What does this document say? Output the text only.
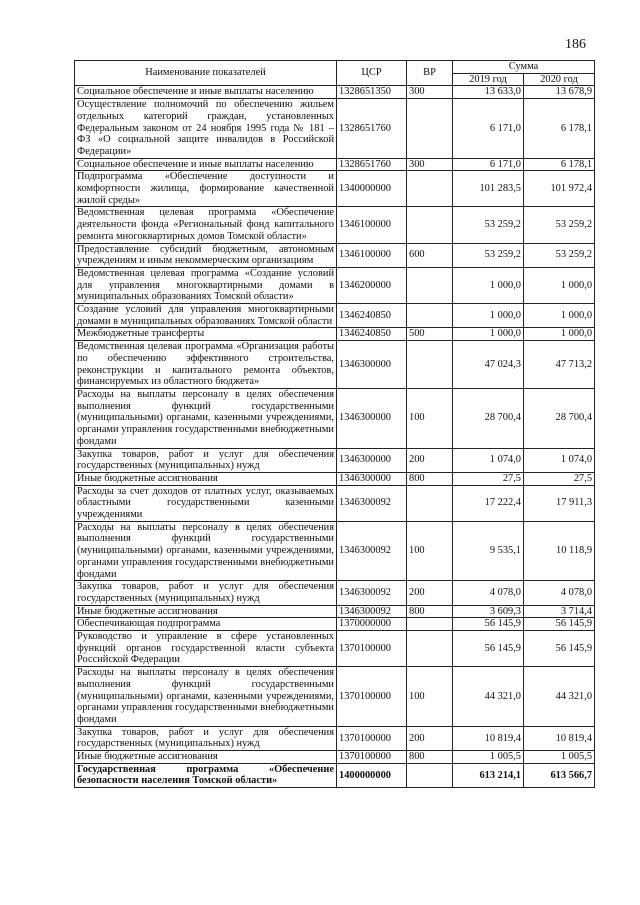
186
Наименование показателей	ЦСР	ВР	Сумма	
			2019 год	2020 год
Социальное обеспечение и иные выплаты населению	1328651350	300	13 633,0	13 678,9
Осуществление полномочий по обеспечению жильем отдельных категорий граждан, установленных Федеральным законом от 24 ноября 1995 года № 181 – ФЗ «О социальной защите инвалидов в Российской Федерации»	1328651760		6 171,0	6 178,1
Социальное обеспечение и иные выплаты населению	1328651760	300	6 171,0	6 178,1
Подпрограмма «Обеспечение доступности и комфортности жилища, формирование качественной жилой среды»	1340000000		101 283,5	101 972,4
Ведомственная целевая программа «Обеспечение деятельности фонда «Региональный фонд капитального ремонта многоквартирных домов Томской области»	1346100000		53 259,2	53 259,2
Предоставление субсидий бюджетным, автономным учреждениям и иным некоммерческим организациям	1346100000	600	53 259,2	53 259,2
Ведомственная целевая программа «Создание условий для управления многоквартирными домами в муниципальных образованиях Томской области»	1346200000		1 000,0	1 000,0
Создание условий для управления многоквартирными домами в муниципальных образованиях Томской области	1346240850		1 000,0	1 000,0
Межбюджетные трансферты	1346240850	500	1 000,0	1 000,0
Ведомственная целевая программа «Организация работы по обеспечению эффективного строительства, реконструкции и капитального ремонта объектов, финансируемых из областного бюджета»	1346300000		47 024,3	47 713,2
Расходы на выплаты персоналу в целях обеспечения выполнения функций государственными (муниципальными) органами, казенными учреждениями, органами управления государственными внебюджетными фондами	1346300000	100	28 700,4	28 700,4
Закупка товаров, работ и услуг для обеспечения государственных (муниципальных) нужд	1346300000	200	1 074,0	1 074,0
Иные бюджетные ассигнования	1346300000	800	27,5	27,5
Расходы за счет доходов от платных услуг, оказываемых областными государственными казенными учреждениями	1346300092		17 222,4	17 911,3
Расходы на выплаты персоналу в целях обеспечения выполнения функций государственными (муниципальными) органами, казенными учреждениями, органами управления государственными внебюджетными фондами	1346300092	100	9 535,1	10 118,9
Закупка товаров, работ и услуг для обеспечения государственных (муниципальных) нужд	1346300092	200	4 078,0	4 078,0
Иные бюджетные ассигнования	1346300092	800	3 609,3	3 714,4
Обеспечивающая подпрограмма	1370000000		56 145,9	56 145,9
Руководство и управление в сфере установленных функций органов государственной власти субъекта Российской Федерации	1370100000		56 145,9	56 145,9
Расходы на выплаты персоналу в целях обеспечения выполнения функций государственными (муниципальными) органами, казенными учреждениями, органами управления государственными внебюджетными фондами	1370100000	100	44 321,0	44 321,0
Закупка товаров, работ и услуг для обеспечения государственных (муниципальных) нужд	1370100000	200	10 819,4	10 819,4
Иные бюджетные ассигнования	1370100000	800	1 005,5	1 005,5
Государственная программа «Обеспечение безопасности населения Томской области»	1400000000		613 214,1	613 566,7
